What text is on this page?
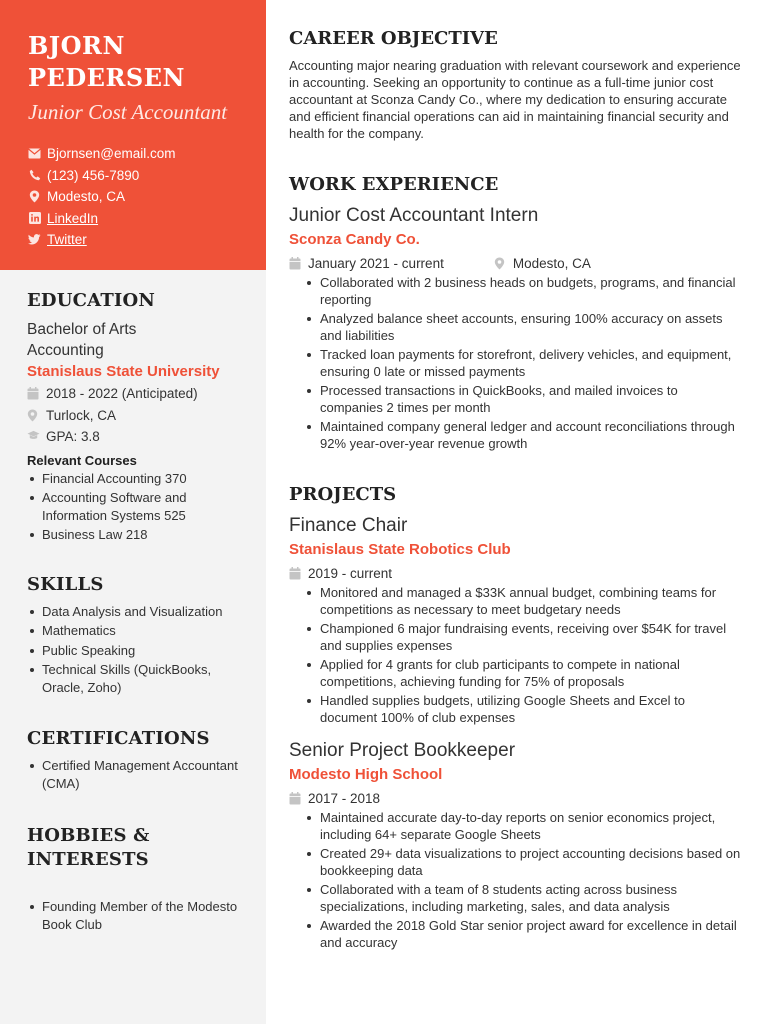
BJORN
PEDERSEN
Junior Cost Accountant
Bjornsen@email.com
(123) 456-7890
Modesto, CA
LinkedIn
Twitter
EDUCATION
Bachelor of Arts
Accounting
Stanislaus State University
2018 - 2022 (Anticipated)
Turlock, CA
GPA: 3.8
Relevant Courses
Financial Accounting 370
Accounting Software and Information Systems 525
Business Law 218
SKILLS
Data Analysis and Visualization
Mathematics
Public Speaking
Technical Skills (QuickBooks, Oracle, Zoho)
CERTIFICATIONS
Certified Management Accountant (CMA)
HOBBIES &
INTERESTS
Founding Member of the Modesto Book Club
CAREER OBJECTIVE
Accounting major nearing graduation with relevant coursework and experience in accounting. Seeking an opportunity to continue as a full-time junior cost accountant at Sconza Candy Co., where my dedication to ensuring accurate and efficient financial operations can aid in maintaining financial security and health for the company.
WORK EXPERIENCE
Junior Cost Accountant Intern
Sconza Candy Co.
January 2021 - current	Modesto, CA
Collaborated with 2 business heads on budgets, programs, and financial reporting
Analyzed balance sheet accounts, ensuring 100% accuracy on assets and liabilities
Tracked loan payments for storefront, delivery vehicles, and equipment, ensuring 0 late or missed payments
Processed transactions in QuickBooks, and mailed invoices to companies 2 times per month
Maintained company general ledger and account reconciliations through 92% year-over-year revenue growth
PROJECTS
Finance Chair
Stanislaus State Robotics Club
2019 - current
Monitored and managed a $33K annual budget, combining teams for competitions as necessary to meet budgetary needs
Championed 6 major fundraising events, receiving over $54K for travel and supplies expenses
Applied for 4 grants for club participants to compete in national competitions, achieving funding for 75% of proposals
Handled supplies budgets, utilizing Google Sheets and Excel to document 100% of club expenses
Senior Project Bookkeeper
Modesto High School
2017 - 2018
Maintained accurate day-to-day reports on senior economics project, including 64+ separate Google Sheets
Created 29+ data visualizations to project accounting decisions based on bookkeeping data
Collaborated with a team of 8 students acting across business specializations, including marketing, sales, and data analysis
Awarded the 2018 Gold Star senior project award for excellence in detail and accuracy
